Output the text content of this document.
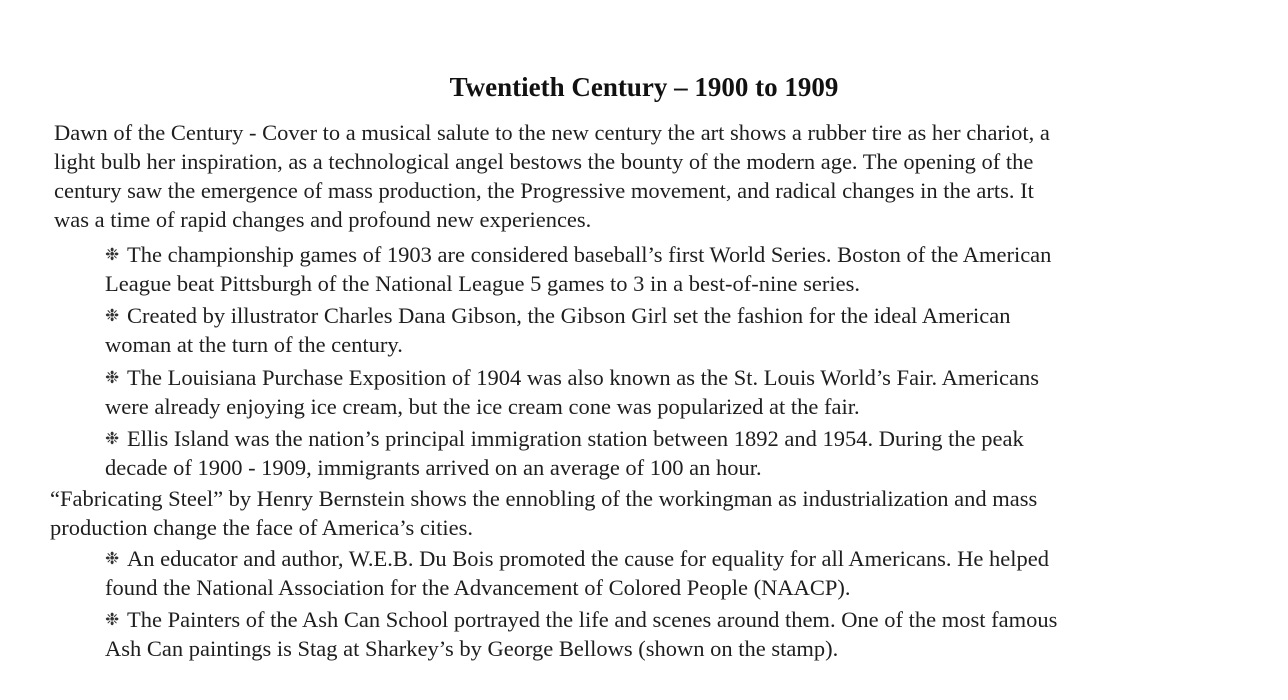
Twentieth Century – 1900 to 1909
Dawn of the Century - Cover to a musical salute to the new century the art shows a rubber tire as her chariot, a
light bulb her inspiration, as a technological angel bestows the bounty of the modern age. The opening of the
century saw the emergence of mass production, the Progressive movement, and radical changes in the arts. It
was a time of rapid changes and profound new experiences.
❉ The championship games of 1903 are considered baseball’s first World Series. Boston of the American
League beat Pittsburgh of the National League 5 games to 3 in a best-of-nine series.
❉ Created by illustrator Charles Dana Gibson, the Gibson Girl set the fashion for the ideal American
woman at the turn of the century.
❉ The Louisiana Purchase Exposition of 1904 was also known as the St. Louis World’s Fair. Americans
were already enjoying ice cream, but the ice cream cone was popularized at the fair.
❉ Ellis Island was the nation’s principal immigration station between 1892 and 1954. During the peak
decade of 1900 - 1909, immigrants arrived on an average of 100 an hour.
“Fabricating Steel” by Henry Bernstein shows the ennobling of the workingman as industrialization and mass
production change the face of America’s cities.
❉ An educator and author, W.E.B. Du Bois promoted the cause for equality for all Americans. He helped
found the National Association for the Advancement of Colored People (NAACP).
❉ The Painters of the Ash Can School portrayed the life and scenes around them. One of the most famous
Ash Can paintings is Stag at Sharkey’s by George Bellows (shown on the stamp).
